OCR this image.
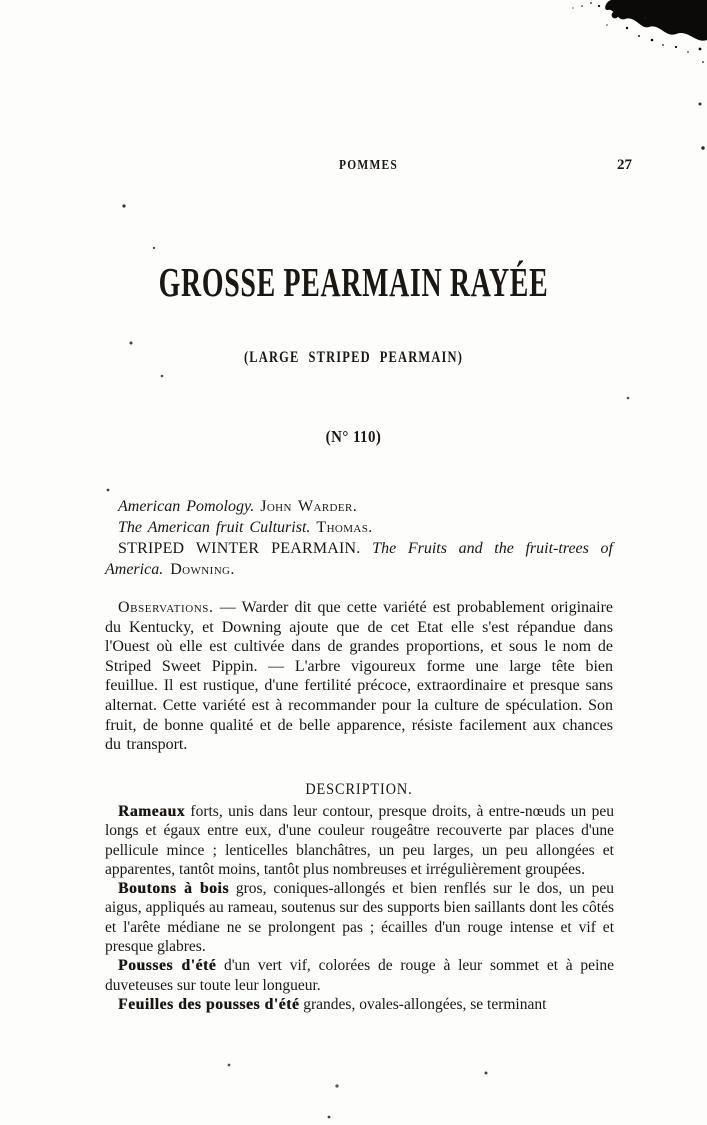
POMMES	27
GROSSE PEARMAIN RAYÉE
(LARGE STRIPED PEARMAIN)
(N° 110)
American Pomology. John Warder.
The American fruit Culturist. Thomas.
STRIPED WINTER PEARMAIN. The Fruits and the fruit-trees of America. Downing.

Observations. — Warder dit que cette variété est probablement originaire du Kentucky, et Downing ajoute que de cet Etat elle s'est répandue dans l'Ouest où elle est cultivée dans de grandes proportions, et sous le nom de Striped Sweet Pippin. — L'arbre vigoureux forme une large tête bien feuillue. Il est rustique, d'une fertilité précoce, extraordinaire et presque sans alternat. Cette variété est à recommander pour la culture de spéculation. Son fruit, de bonne qualité et de belle apparence, résiste facilement aux chances du transport.

DESCRIPTION.

Rameaux forts, unis dans leur contour, presque droits, à entre-nœuds un peu longs et égaux entre eux, d'une couleur rougeâtre recouverte par places d'une pellicule mince ; lenticelles blanchâtres, un peu larges, un peu allongées et apparentes, tantôt moins, tantôt plus nombreuses et irrégulièrement groupées.

Boutons à bois gros, coniques-allongés et bien renflés sur le dos, un peu aigus, appliqués au rameau, soutenus sur des supports bien saillants dont les côtés et l'arête médiane ne se prolongent pas ; écailles d'un rouge intense et vif et presque glabres.

Pousses d'été d'un vert vif, colorées de rouge à leur sommet et à peine duveteuses sur toute leur longueur.

Feuilles des pousses d'été grandes, ovales-allongées, se terminant
